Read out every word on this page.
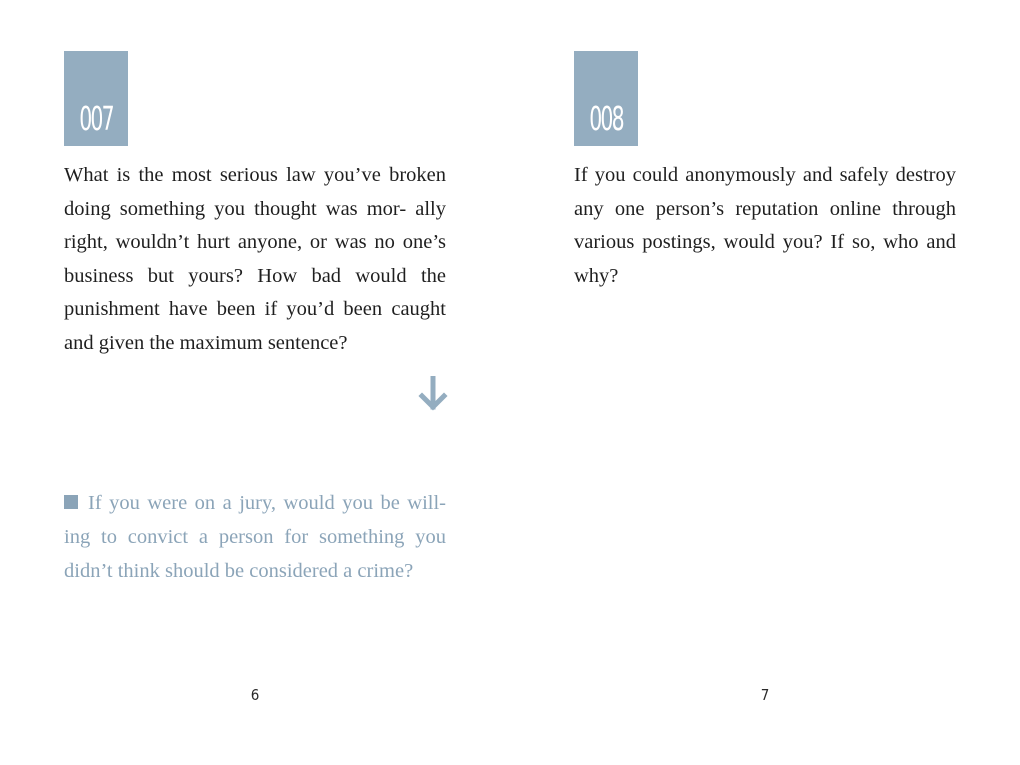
007

What is the most serious law you’ve broken doing something you thought was mor- ally right, wouldn’t hurt anyone, or was no one’s business but yours? How bad would the punishment have been if you’d been caught and given the maximum sentence?

If you were on a jury, would you be will- ing to convict a person for something you didn’t think should be considered a crime?

6
008

If you could anonymously and safely destroy any one person’s reputation online through various postings, would you? If so, who and why?

7
